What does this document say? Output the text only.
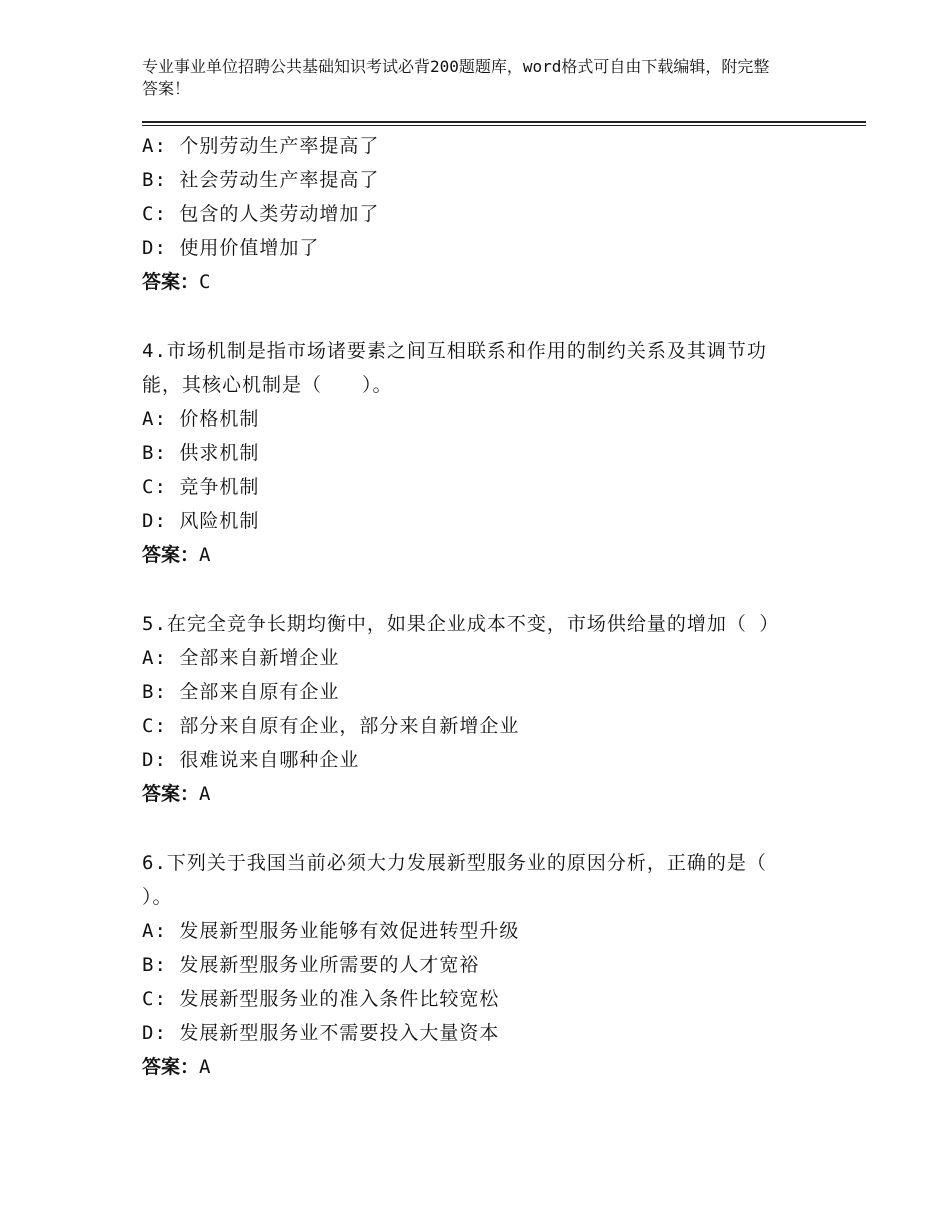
专业事业单位招聘公共基础知识考试必背200题题库，word格式可自由下载编辑，附完整答案！
A: 个别劳动生产率提高了
B: 社会劳动生产率提高了
C: 包含的人类劳动增加了
D: 使用价值增加了
答案：C
4.市场机制是指市场诸要素之间互相联系和作用的制约关系及其调节功能，其核心机制是（　　）。
A: 价格机制
B: 供求机制
C: 竞争机制
D: 风险机制
答案：A
5.在完全竞争长期均衡中，如果企业成本不变，市场供给量的增加（ ）
A: 全部来自新增企业
B: 全部来自原有企业
C: 部分来自原有企业，部分来自新增企业
D: 很难说来自哪种企业
答案：A
6.下列关于我国当前必须大力发展新型服务业的原因分析，正确的是（ ）。
A: 发展新型服务业能够有效促进转型升级
B: 发展新型服务业所需要的人才宽裕
C: 发展新型服务业的准入条件比较宽松
D: 发展新型服务业不需要投入大量资本
答案：A
